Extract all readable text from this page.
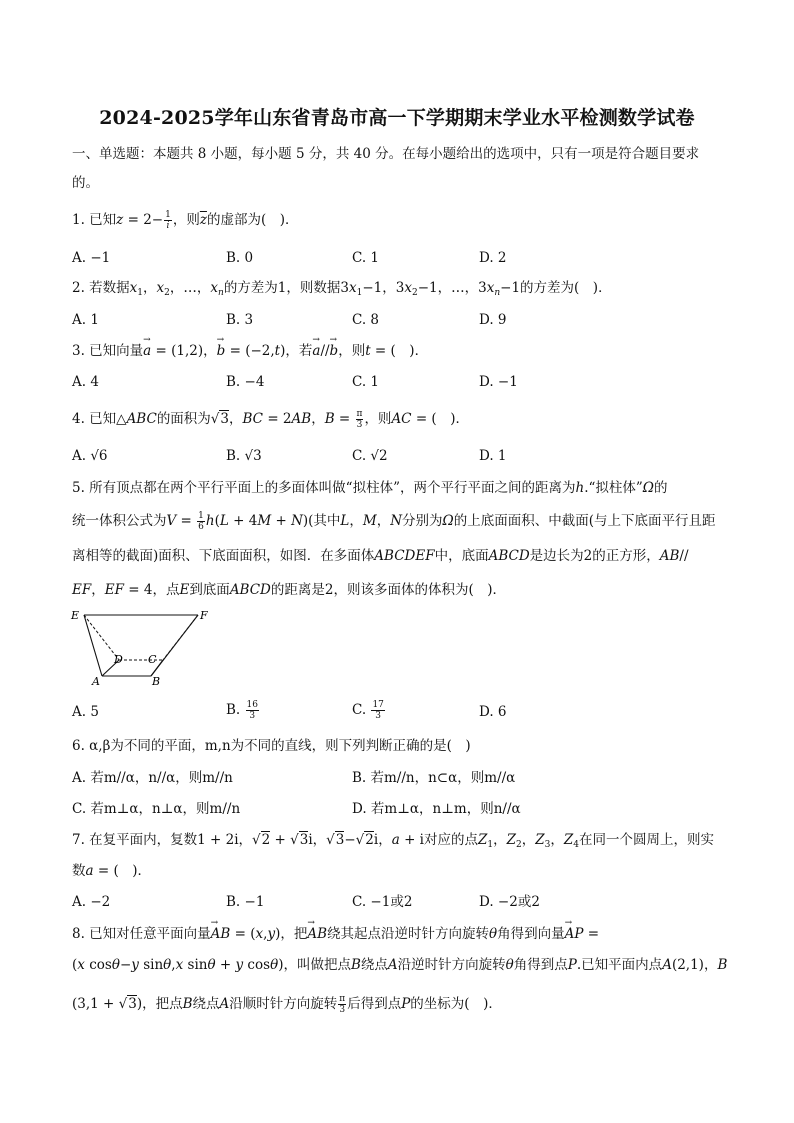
2024-2025学年山东省青岛市高一下学期期末学业水平检测数学试卷
一、单选题：本题共 8 小题，每小题 5 分，共 40 分。在每小题给出的选项中，只有一项是符合题目要求
的。
1. 已知$z = 2- \frac{1}{i}$ ，则$\overline{z}$的虚部为(　)．
A. −1	B. 0	C. 1	D. 2
2. 若数据$x_1$，$x_2$，…，$x_n$的方差为1，则数据$3x_1-1$，$3x_2-1$，…，$3x_n-1$的方差为(　)．
A. 1	B. 3	C. 8	D. 9
3. 已知向量→ a = (1,2)，→ b = (−2,t)，若→ a//→ b，则t = (　)．
A. 4	B. −4	C. 1	D. −1
4. 已知△ABC的面积为√3，BC = 2AB，$B = \frac{\pi}{3}$ ，则AC = (　)．
A. √6	B. √3	C. √2	D. 1
5. 所有顶点都在两个平行平面上的多面体叫做“拟柱体”，两个平行平面之间的距离为h.“拟柱体”Ω的
统一体积公式为$V = \frac{1}{6} h(L + 4M + N)$(其中L，M，N分别为Ω的上底面面积、中截面(与上下底面平行且距
离相等的截面)面积、下底面面积，如图．在多面体ABCDEF中，底面ABCD是边长为2的正方形，AB//
EF，EF = 4，点E到底面ABCD的距离是2，则该多面体的体积为(　)．
E	F
D C
A	B
A. 5	B. $\frac{16}{3}$	C. $\frac{17}{3}$	D. 6
6. α,β为不同的平面，m,n为不同的直线，则下列判断正确的是(　)
A. 若m//α，n//α，则m//n	B. 若m//n，n⊂α，则m//α
C. 若m⊥α，n⊥α，则m//n	D. 若m⊥α，n⊥m，则n//α
7. 在复平面内，复数1 + 2i，√2 + √3i，√3−√2i，a + i对应的点$Z_1$，$Z_2$，$Z_3$，$Z_4$在同一个圆周上，则实
数a = (　)．
A. −2	B. −1	C. −1或2	D. −2或2
8. 已知对任意平面向量→ AB = (x,y)，把→ AB绕其起点沿逆时针方向旋转θ角得到向量→ AP =
(x cosθ−y sinθ,x sinθ + y cosθ)，叫做把点B绕点A沿逆时针方向旋转θ角得到点P.已知平面内点A(2,1)，B
(3,1 + √3)，把点B绕点A沿顺时针方向旋转 $\frac{\pi}{3}$ 后得到点P的坐标为(　)．
